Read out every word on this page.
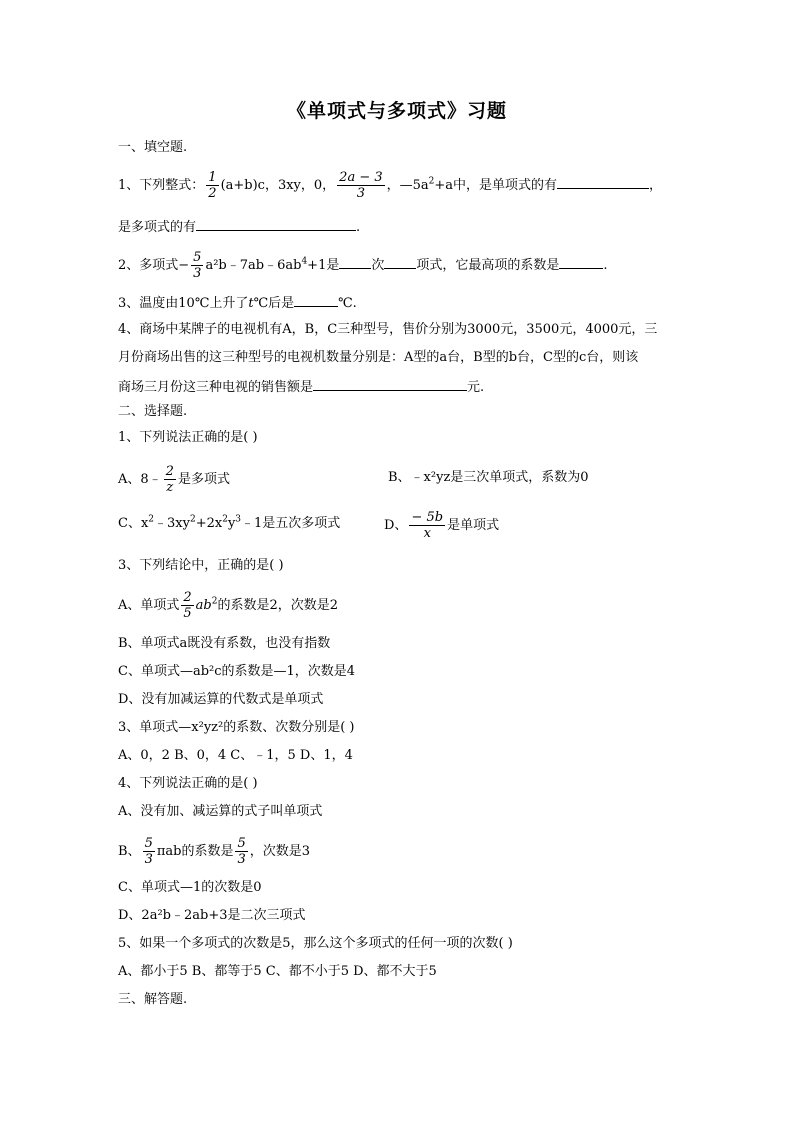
《单项式与多项式》习题
一、填空题.
1、下列整式： $\frac{1}{2} (a+b)c$，3xy，0， $\frac{2a - 3}{3}$ ，$—5a^2+a$中，是单项式的有	，
是多项式的有	.
2、多项式− $\frac{5}{3}$ $a^2b﹣7ab﹣6ab^4+1$是 次 项式，它最高项的系数是	.
3、温度由10℃上升了t℃后是	℃.
4、商场中某牌子的电视机有A，B，C三种型号，售价分别为3000元，3500元，4000元，三
月份商场出售的这三种型号的电视机数量分别是：A型的a台，B型的b台，C型的c台，则该
商场三月份这三种电视的销售额是	元.
二、选择题.
1、下列说法正确的是( )
A、8﹣ $\frac{2}{z}$ 是多项式	B、﹣x²yz是三次单项式，系数为0
C、$x^2﹣3xy^2+2x^2y^3﹣1$是五次多项式	D、 $\frac{- 5b}{x}$ 是单项式
3、下列结论中，正确的是( )
A、单项式 $\frac{2}{5} ab^2$的系数是2，次数是2
B、单项式a既没有系数，也没有指数
C、单项式—ab²c的系数是—1，次数是4
D、没有加减运算的代数式是单项式
3、单项式—x²yz²的系数、次数分别是( )
A、0，2 B、0，4 C、﹣1，5 D、1，4
4、下列说法正确的是( )
A、没有加、减运算的式子叫单项式
B、 $\frac{5}{3}$ πab的系数是 $\frac{5}{3}$ ，次数是3
C、单项式—1的次数是0
D、2a²b﹣2ab+3是二次三项式
5、如果一个多项式的次数是5，那么这个多项式的任何一项的次数( )
A、都小于5 B、都等于5 C、都不小于5 D、都不大于5
三、解答题.
